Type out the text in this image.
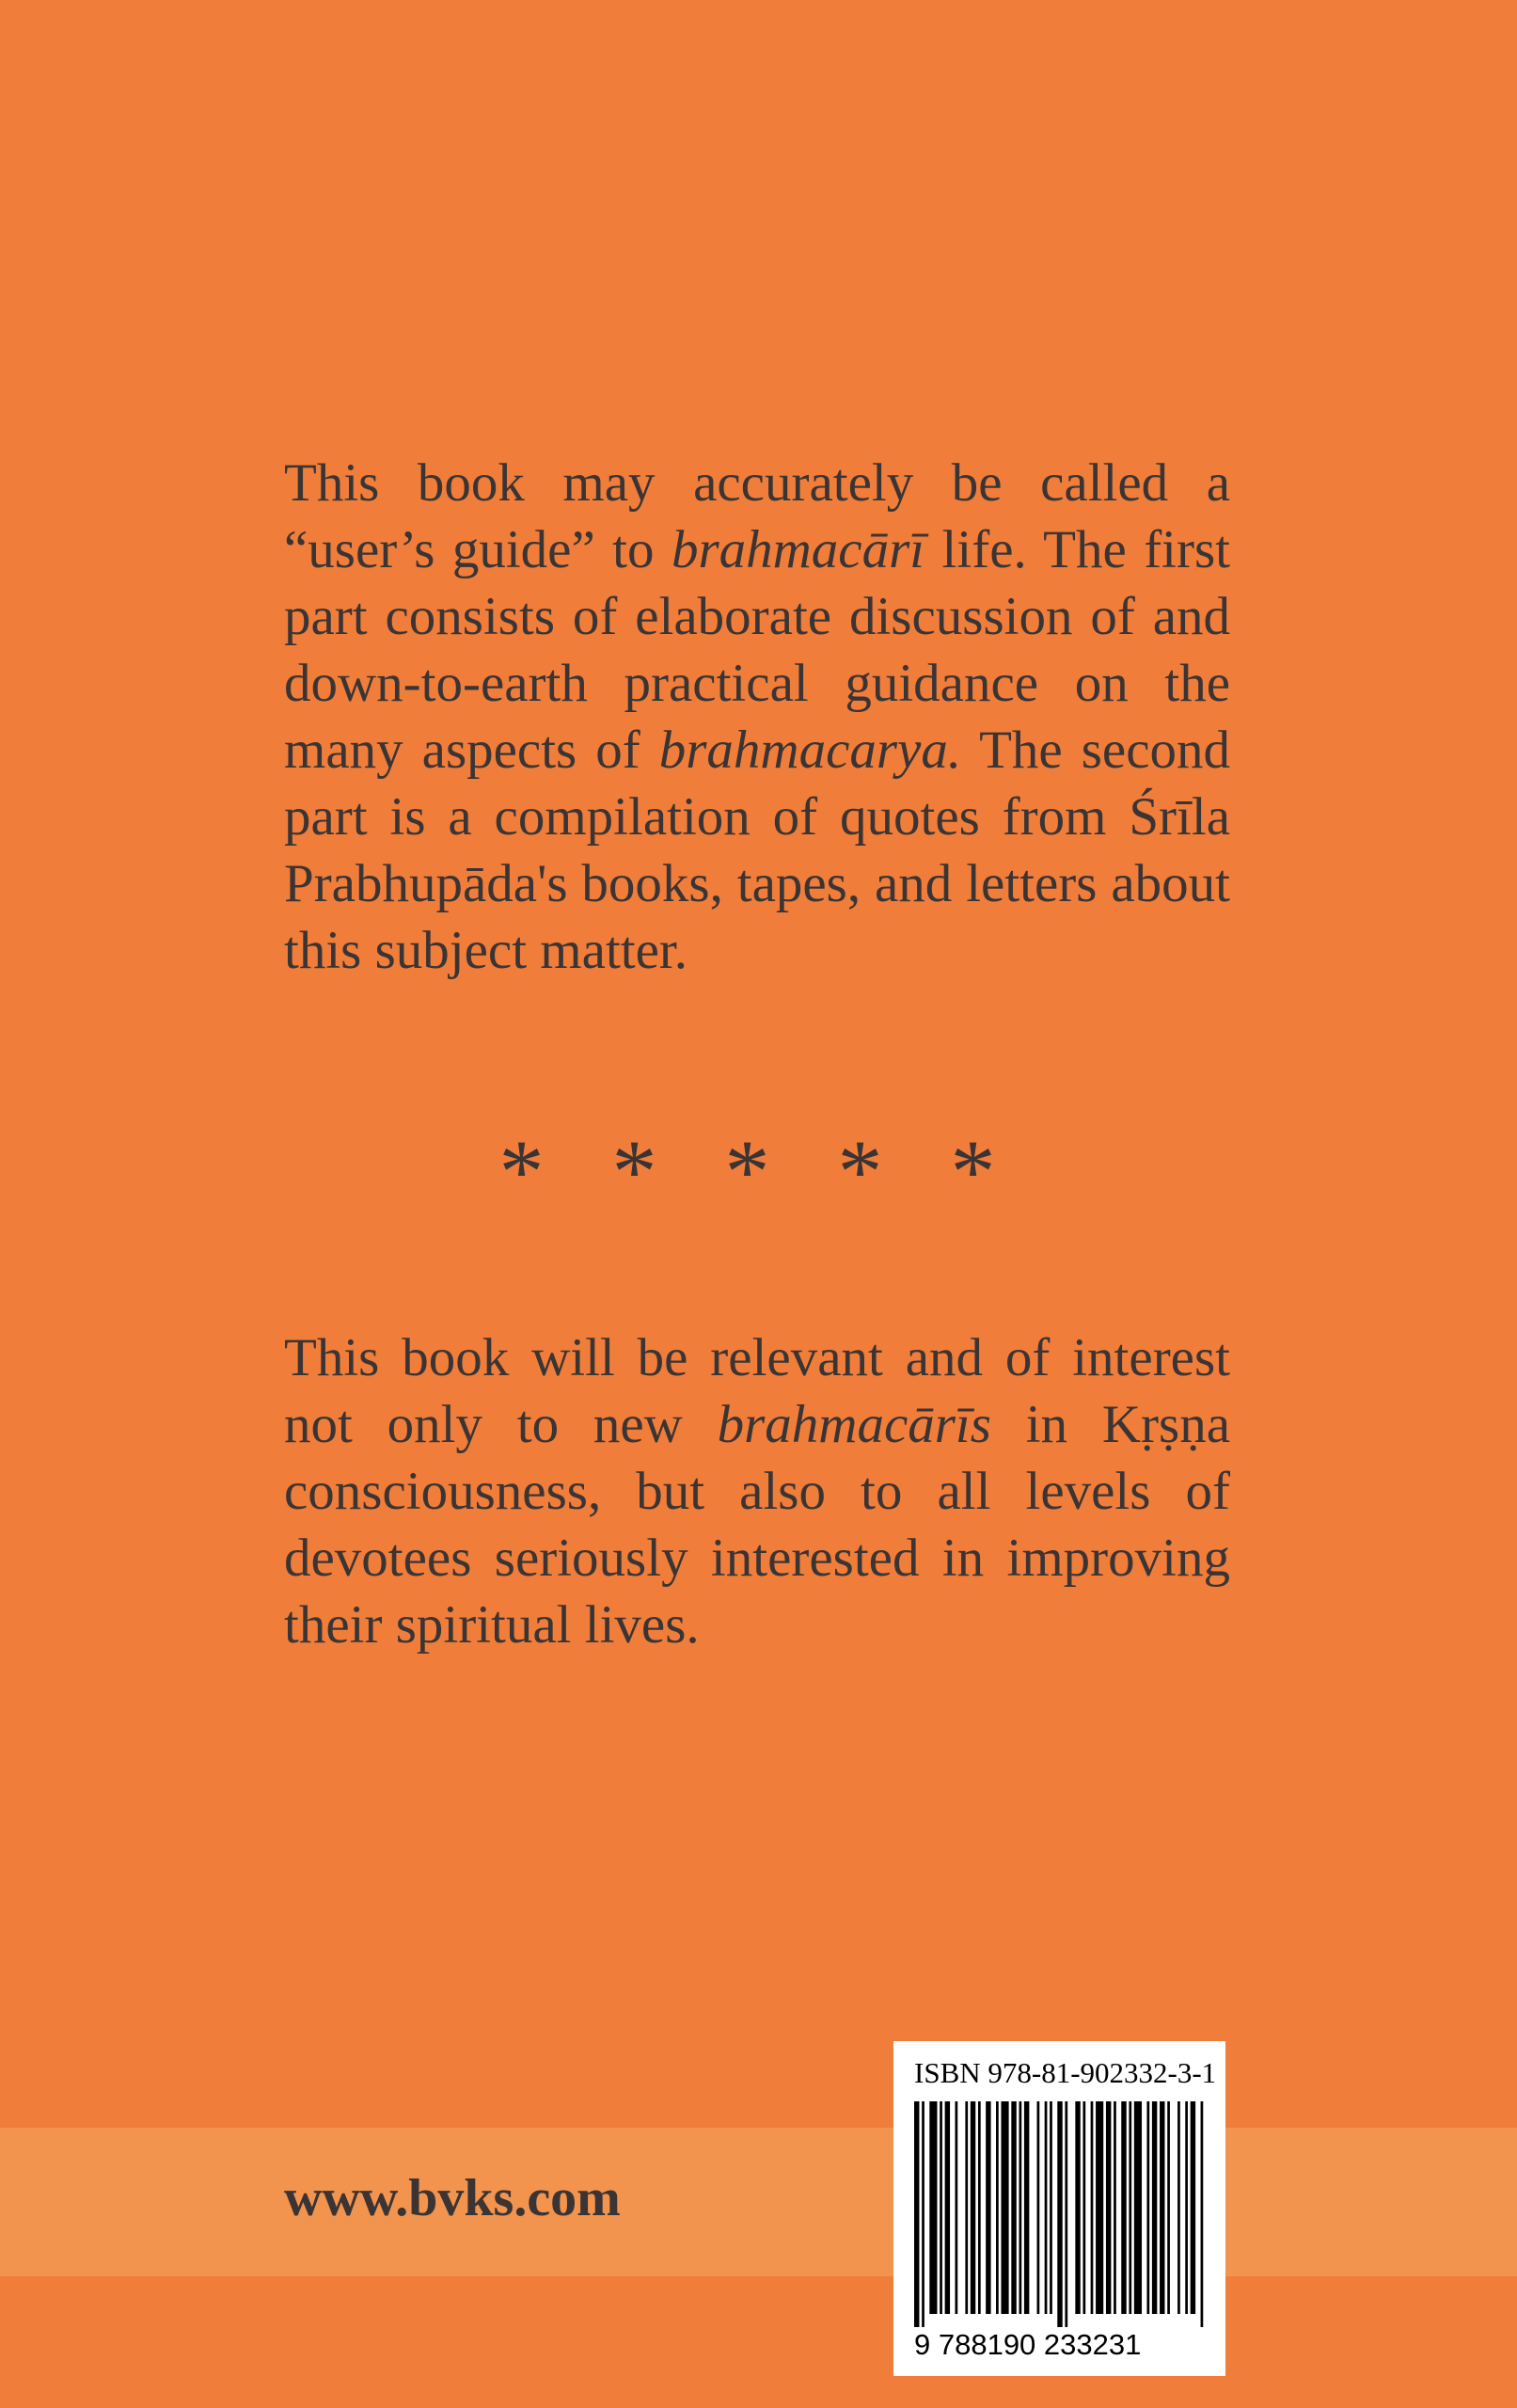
This book may accurately be called a “user’s guide” to brahmacārī life. The first part consists of elaborate discussion of and down-to-earth practical guidance on the many aspects of brahmacarya. The second part is a compilation of quotes from Śrīla Prabhupāda's books, tapes, and letters about this subject matter.

* * * * *

This book will be relevant and of interest not only to new brahmacārīs in Kṛṣṇa consciousness, but also to all levels of devotees seriously interested in improving their spiritual lives.

www.bvks.com
ISBN 978-81-902332-3-1
9 788190 233231
